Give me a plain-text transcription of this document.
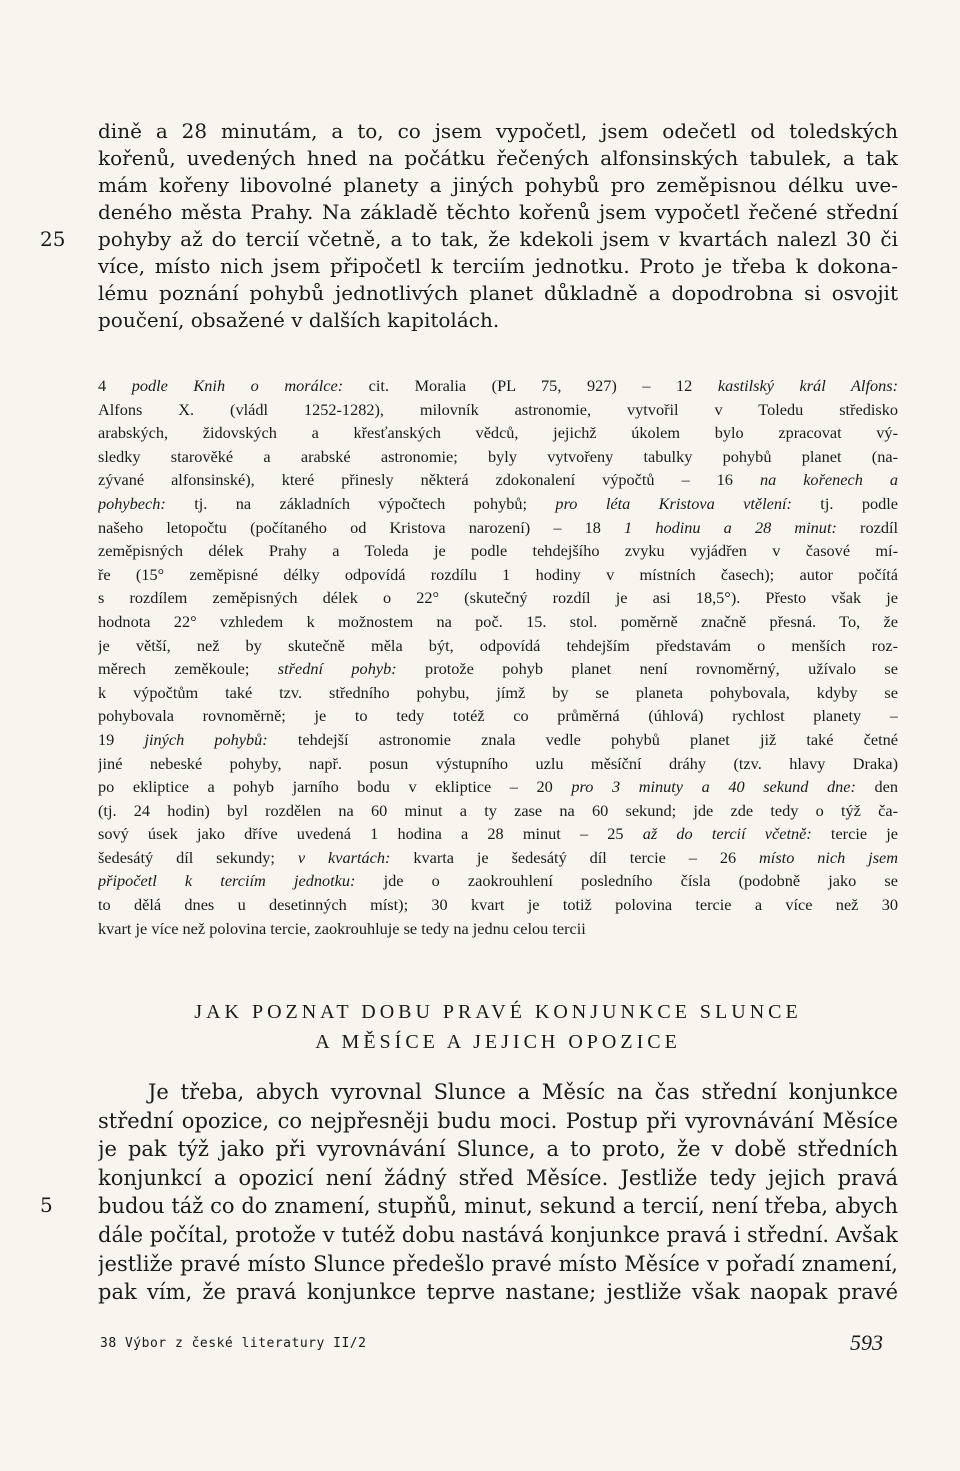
dině a 28 minutám, a to, co jsem vypočetl, jsem odečetl od toledských
kořenů, uvedených hned na počátku řečených alfonsinských tabulek, a tak
mám kořeny libovolné planety a jiných pohybů pro zeměpisnou délku uve-
deného města Prahy. Na základě těchto kořenů jsem vypočetl řečené střední
pohyby až do tercií včetně, a to tak, že kdekoli jsem v kvartách nalezl 30 či
více, místo nich jsem připočetl k terciím jednotku. Proto je třeba k dokona-
lému poznání pohybů jednotlivých planet důkladně a dopodrobna si osvojit
poučení, obsažené v dalších kapitolách.
25
4 podle Knih o morálce: cit. Moralia (PL 75, 927) – 12 kastilský král Alfons:
Alfons X. (vládl 1252-1282), milovník astronomie, vytvořil v Toledu středisko
arabských, židovských a křesťanských vědců, jejichž úkolem bylo zpracovat vý-
sledky starověké a arabské astronomie; byly vytvořeny tabulky pohybů planet (na-
zývané alfonsinské), které přinesly některá zdokonalení výpočtů – 16 na kořenech a
pohybech: tj. na základních výpočtech pohybů; pro léta Kristova vtělení: tj. podle
našeho letopočtu (počítaného od Kristova narození) – 18 1 hodinu a 28 minut: rozdíl
zeměpisných délek Prahy a Toleda je podle tehdejšího zvyku vyjádřen v časové mí-
ře (15° zeměpisné délky odpovídá rozdílu 1 hodiny v místních časech); autor počítá
s rozdílem zeměpisných délek o 22° (skutečný rozdíl je asi 18,5°). Přesto však je
hodnota 22° vzhledem k možnostem na poč. 15. stol. poměrně značně přesná. To, že
je větší, než by skutečně měla být, odpovídá tehdejším představám o menších roz-
měrech zeměkoule; střední pohyb: protože pohyb planet není rovnoměrný, užívalo se
k výpočtům také tzv. středního pohybu, jímž by se planeta pohybovala, kdyby se
pohybovala rovnoměrně; je to tedy totéž co průměrná (úhlová) rychlost planety –
19 jiných pohybů: tehdejší astronomie znala vedle pohybů planet již také četné
jiné nebeské pohyby, např. posun výstupního uzlu měsíční dráhy (tzv. hlavy Draka)
po ekliptice a pohyb jarního bodu v ekliptice – 20 pro 3 minuty a 40 sekund dne: den
(tj. 24 hodin) byl rozdělen na 60 minut a ty zase na 60 sekund; jde zde tedy o týž ča-
sový úsek jako dříve uvedená 1 hodina a 28 minut – 25 až do tercií včetně: tercie je
šedesátý díl sekundy; v kvartách: kvarta je šedesátý díl tercie – 26 místo nich jsem
připočetl k terciím jednotku: jde o zaokrouhlení posledního čísla (podobně jako se
to dělá dnes u desetinných míst); 30 kvart je totiž polovina tercie a více než 30
kvart je více než polovina tercie, zaokrouhluje se tedy na jednu celou tercii
JAK POZNAT DOBU PRAVÉ KONJUNKCE SLUNCE
A MĚSÍCE A JEJICH OPOZICE
Je třeba, abych vyrovnal Slunce a Měsíc na čas střední konjunkce
střední opozice, co nejpřesněji budu moci. Postup při vyrovnávání Měsíce
je pak týž jako při vyrovnávání Slunce, a to proto, že v době středních
konjunkcí a opozicí není žádný střed Měsíce. Jestliže tedy jejich pravá
budou táž co do znamení, stupňů, minut, sekund a tercií, není třeba, abych
dále počítal, protože v tutéž dobu nastává konjunkce pravá i střední. Avšak
jestliže pravé místo Slunce předešlo pravé místo Měsíce v pořadí znamení,
pak vím, že pravá konjunkce teprve nastane; jestliže však naopak pravé
5
38 Výbor z české literatury II/2	593
